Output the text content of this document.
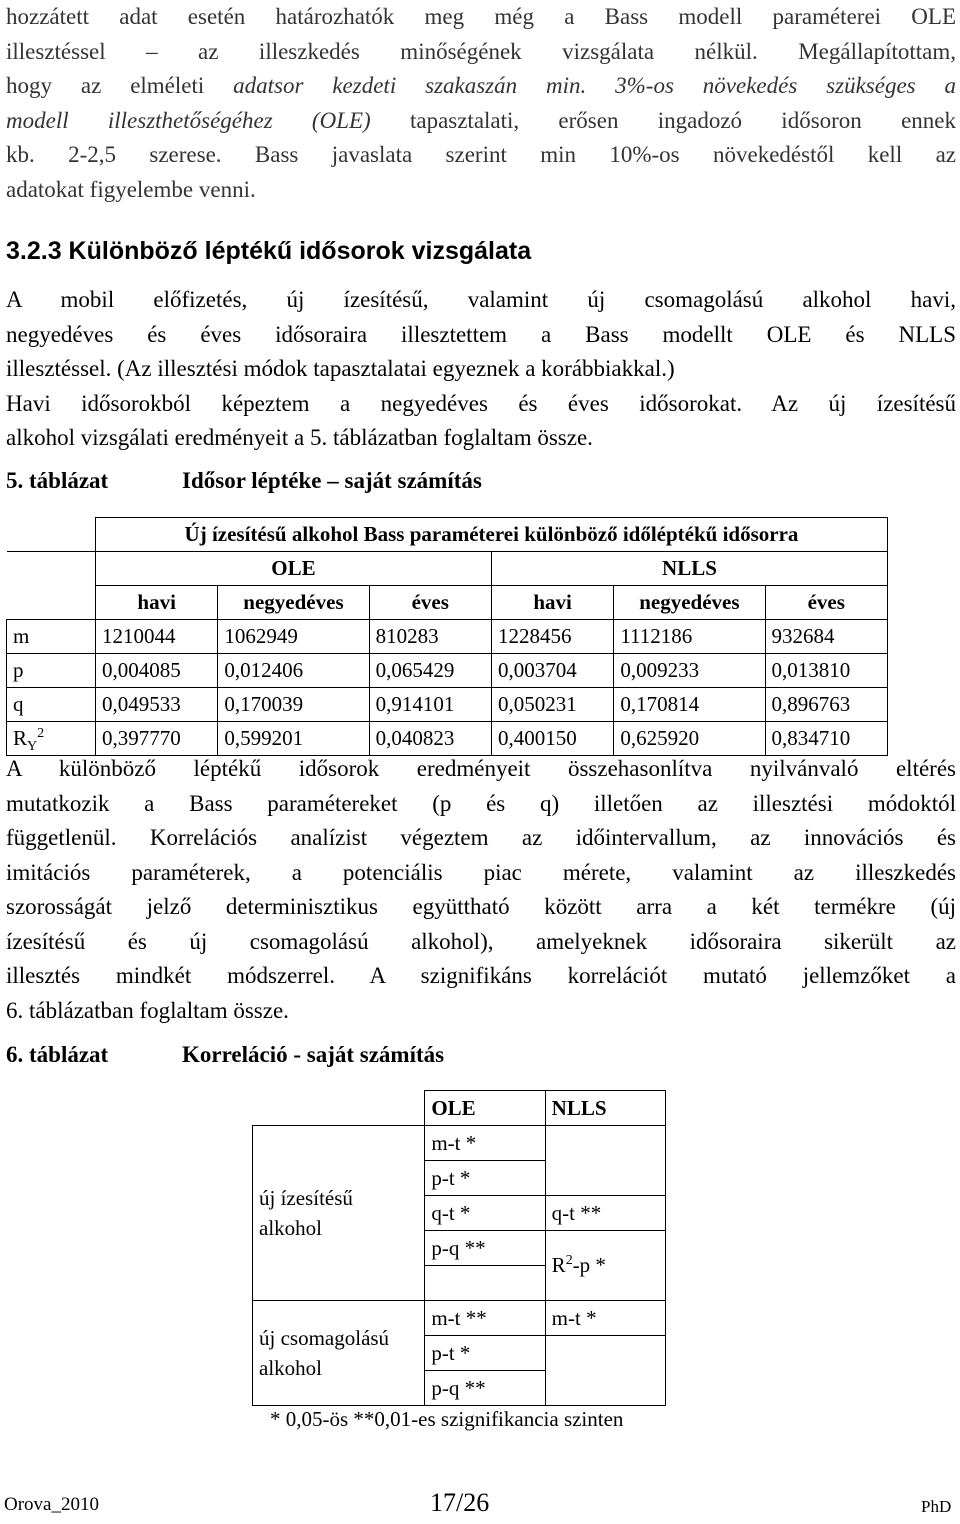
hozzátett adat esetén határozhatók meg még a Bass modell paraméterei OLE
illesztéssel – az illeszkedés minőségének vizsgálata nélkül. Megállapítottam,
hogy az elméleti adatsor kezdeti szakaszán min. 3%-os növekedés szükséges a
modell illeszthetőségéhez (OLE) tapasztalati, erősen ingadozó idősoron ennek
kb. 2-2,5 szerese. Bass javaslata szerint min 10%-os növekedéstől kell az
adatokat figyelembe venni.
3.2.3 Különböző léptékű idősorok vizsgálata
A mobil előfizetés, új ízesítésű, valamint új csomagolású alkohol havi,
negyedéves és éves idősoraira illesztettem a Bass modellt OLE és NLLS
illesztéssel. (Az illesztési módok tapasztalatai egyeznek a korábbiakkal.)
Havi idősorokból képeztem a negyedéves és éves idősorokat. Az új ízesítésű
alkohol vizsgálati eredményeit a 5. táblázatban foglaltam össze.
5. táblázat	Idősor léptéke – saját számítás
	Új ízesítésű alkohol Bass paraméterei különböző időléptékű idősorra					
	OLE			NLLS		
	havi	negyedéves	éves	havi	negyedéves	éves
m	1210044	1062949	810283	1228456	1112186	932684
p	0,004085	0,012406	0,065429	0,003704	0,009233	0,013810
q	0,049533	0,170039	0,914101	0,050231	0,170814	0,896763
$R_Y^2$	0,397770	0,599201	0,040823	0,400150	0,625920	0,834710
A különböző léptékű idősorok eredményeit összehasonlítva nyilvánvaló eltérés
mutatkozik a Bass paramétereket (p és q) illetően az illesztési módoktól
függetlenül. Korrelációs analízist végeztem az időintervallum, az innovációs és
imitációs paraméterek, a potenciális piac mérete, valamint az illeszkedés
szorosságát jelző determinisztikus együttható között arra a két termékre (új
ízesítésű és új csomagolású alkohol), amelyeknek idősoraira sikerült az
illesztés mindkét módszerrel. A szignifikáns korrelációt mutató jellemzőket a
6. táblázatban foglaltam össze.
6. táblázat	Korreláció - saját számítás
	OLE	NLLS
új ízesítésű alkohol	m-t *	
	p-t *	
	q-t *	q-t **
	p-q **	$R^2-p$ *

új csomagolású alkohol	m-t **	m-t *
	p-t *	
	p-q **	
* 0,05-ös **0,01-es szignifikancia szinten
Orova_2010	17/26	PhD
